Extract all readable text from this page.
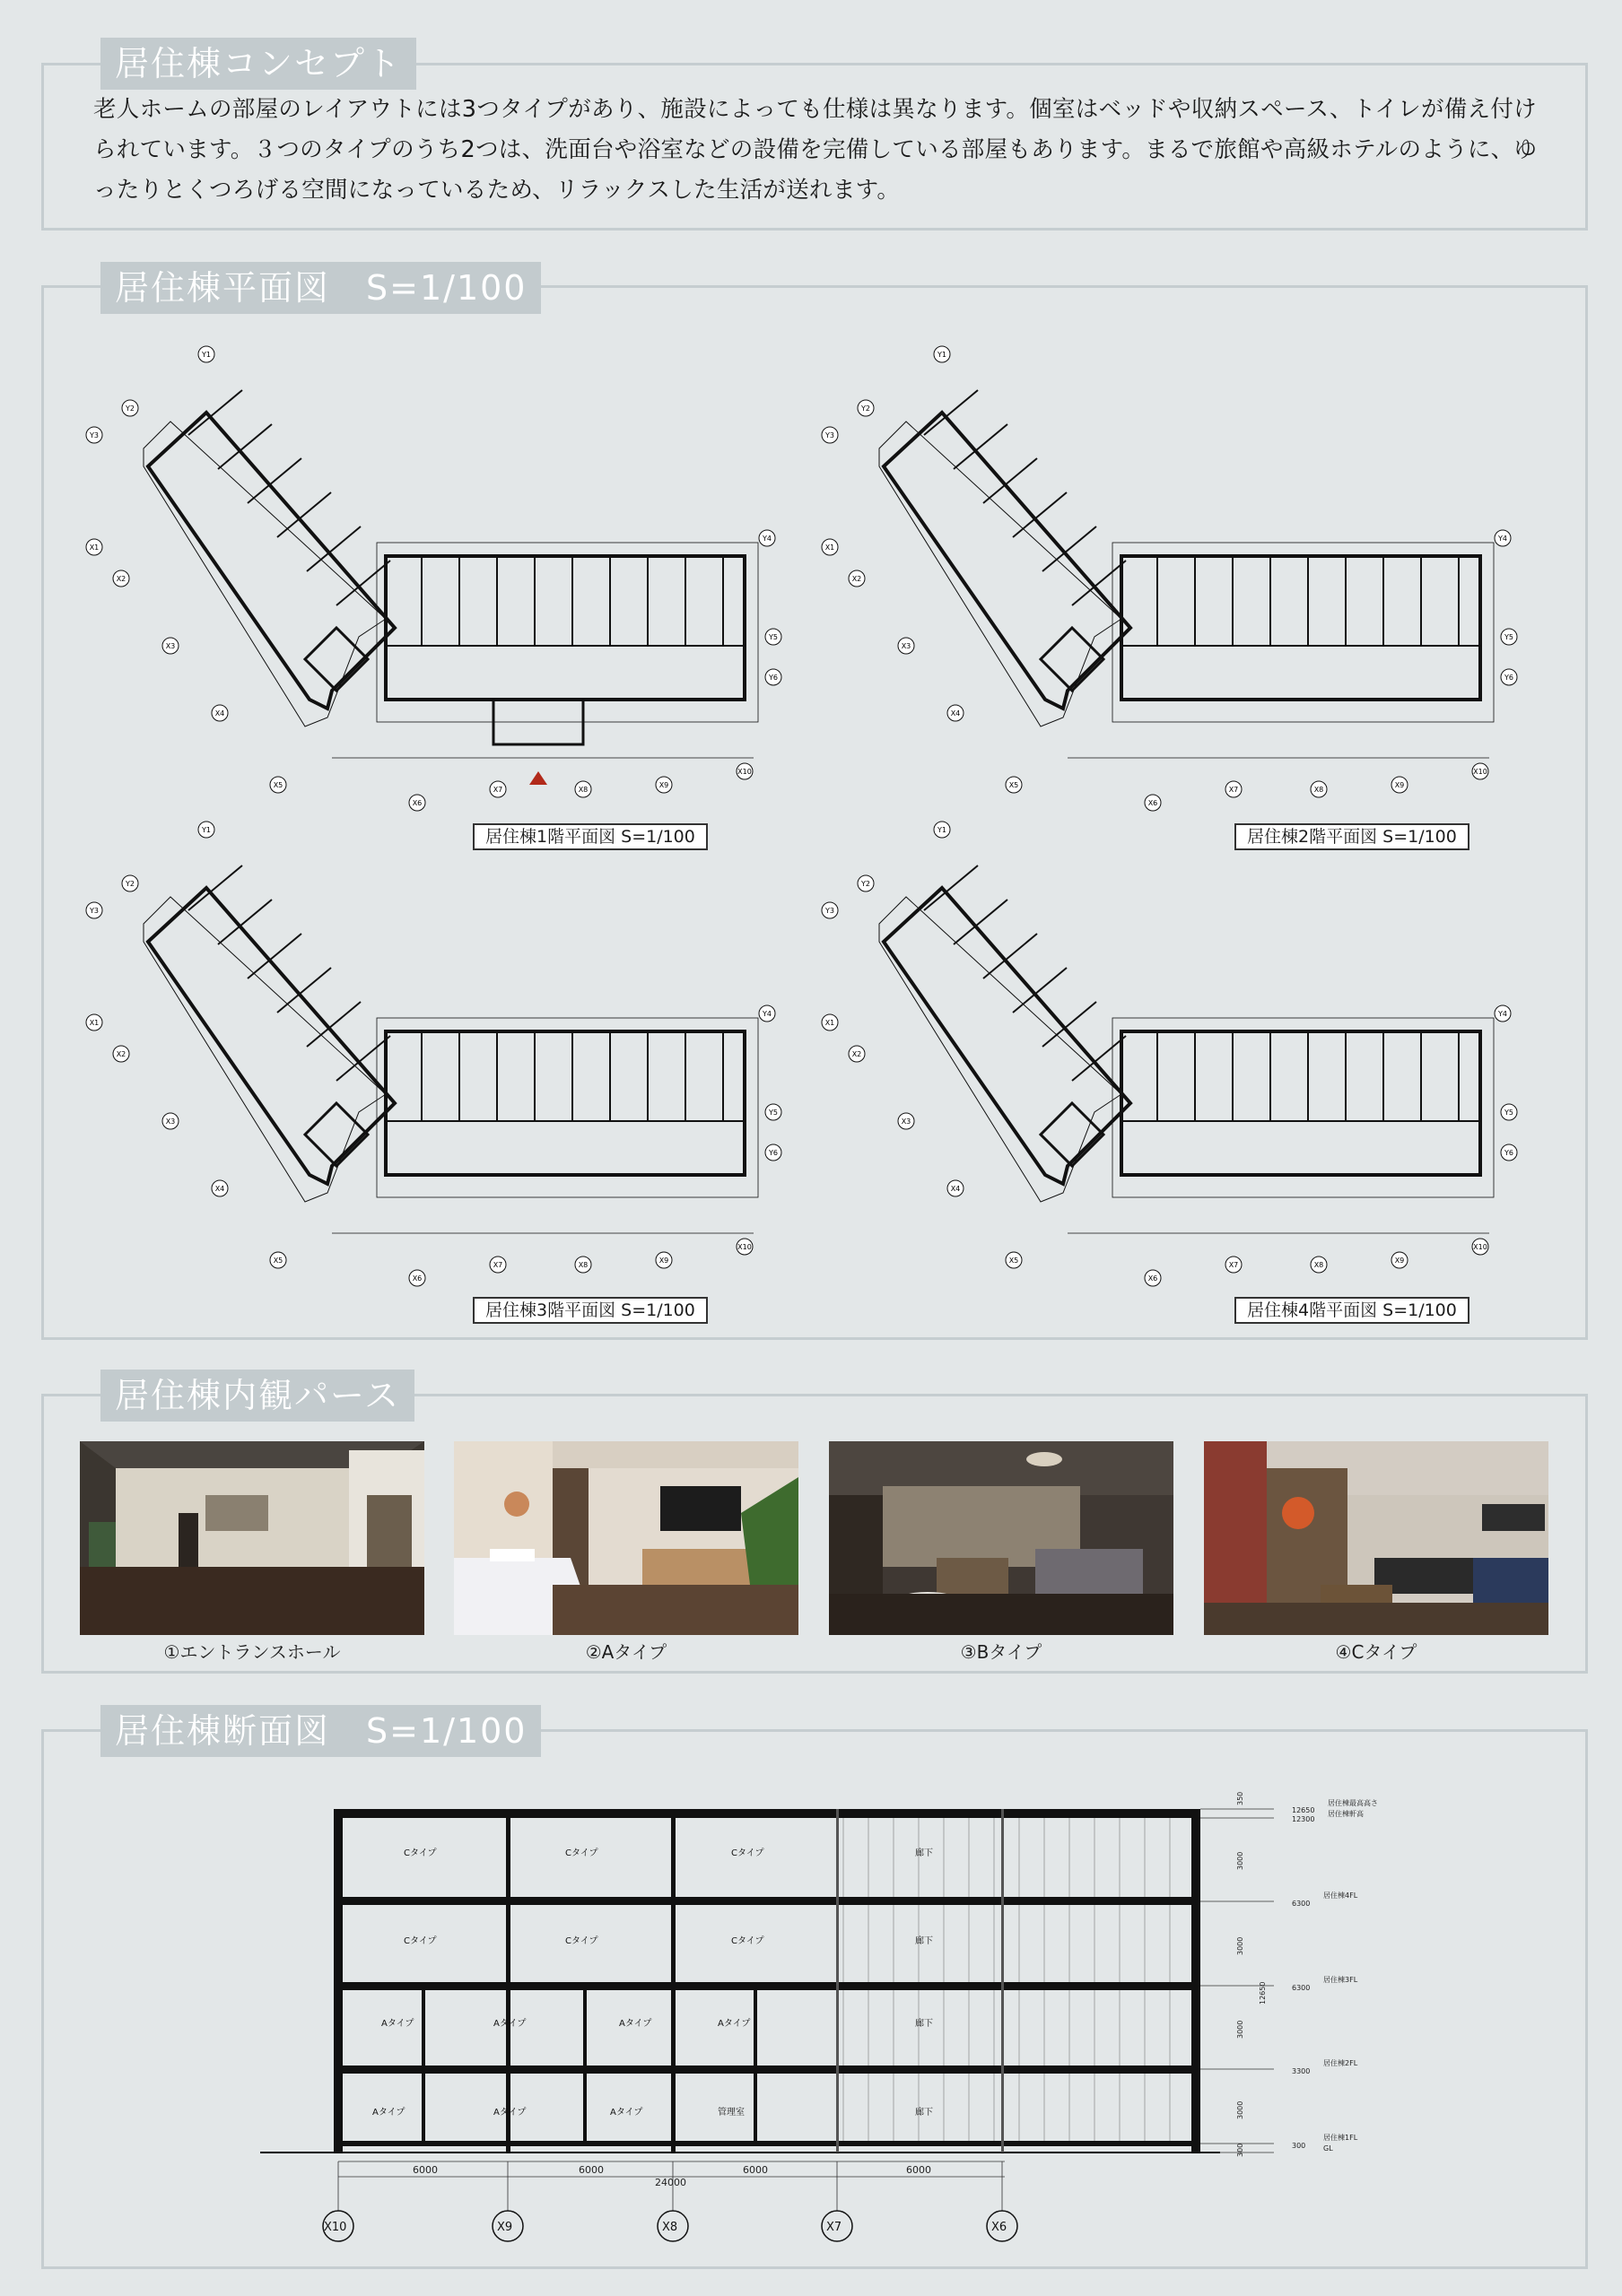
居住棟コンセプト
老人ホームの部屋のレイアウトには3つタイプがあり、施設によっても仕様は異なります。個室はベッドや収納スペース、トイレが備え付けられています。３つのタイプのうち2つは、洗面台や浴室などの設備を完備している部屋もあります。まるで旅館や高級ホテルのように、ゆったりとくつろげる空間になっているため、リラックスした生活が送れます。
居住棟平面図　S=1/100
Y1
Y2
Y3
X1
X2
X3
X4
X5
X6
X7	X8
X9
X10
Y4
Y5
Y6
Y1
Y2
Y3
X1
X2
X3
X4
X5
X6
X7	X8
X9
X10
Y4
Y5
Y6
Y1
Y2
Y3
X1
X2
X3
X4
X5
X6
X7	X8
X9
X10
Y4
Y5
Y6
Y1
Y2
Y3
X1
X2
X3
X4
X5
X6
X7	X8
X9
X10
Y4
Y5
Y6
居住棟1階平面図 S=1/100	居住棟2階平面図 S=1/100
居住棟3階平面図 S=1/100	居住棟4階平面図 S=1/100
居住棟内観パース
①エントランスホール	②Aタイプ	③Bタイプ	④Cタイプ
居住棟断面図　S=1/100
Cタイプ	Cタイプ	Cタイプ	廊下
Cタイプ	Cタイプ	Cタイプ	廊下
Aタイプ	Aタイプ	Aタイプ	Aタイプ	廊下
Aタイプ	Aタイプ	Aタイプ	管理室	廊下
居住棟最高高さ
居住棟軒高
居住棟4FL
居住棟3FL
居住棟2FL
居住棟1FL
GL
12650
12300
6300
6300
3300
300
350
3000
3000
3000
3000
300
12650
6000	6000	6000	6000
24000
X10	X9	X8	X7	X6
